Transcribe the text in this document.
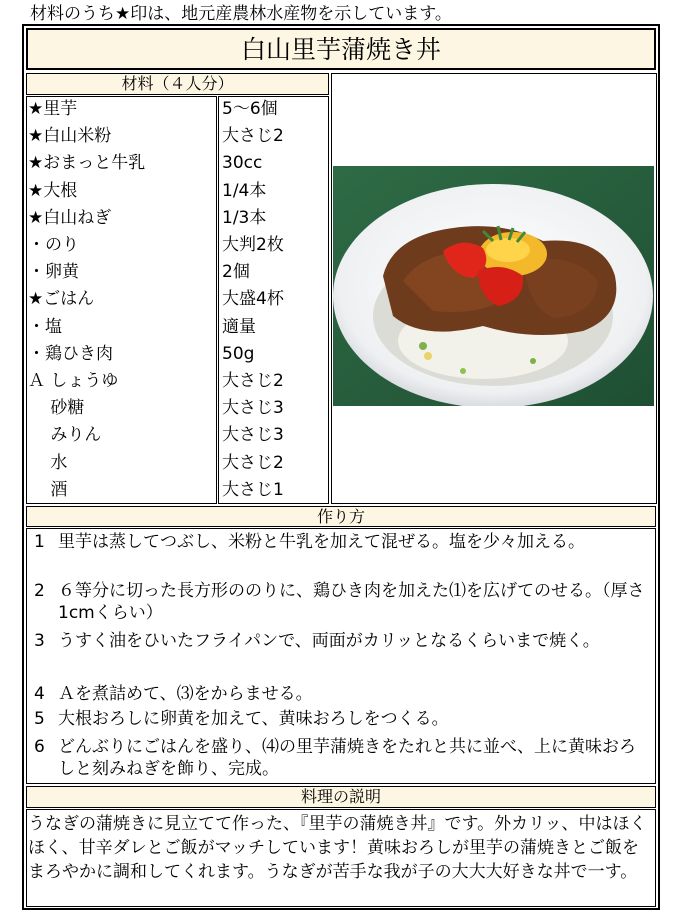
材料のうち★印は、地元産農林水産物を示しています。
白山里芋蒲焼き丼
材料（４人分）
★里芋	5～6個
★白山米粉	大さじ2
★おまっと牛乳	30cc
★大根	1/4本
★白山ねぎ	1/3本
・のり	大判2枚
・卵黄	2個
★ごはん	大盛4杯
・塩	適量
・鶏ひき肉	50g
Ａ しょうゆ	大さじ2
　 砂糖	大さじ3
　 みりん	大さじ3
　 水	大さじ2
　 酒	大さじ1
作り方
1 里芋は蒸してつぶし、米粉と牛乳を加えて混ぜる。塩を少々加える。
2 ６等分に切った長方形ののりに、鶏ひき肉を加えた⑴を広げてのせる。（厚さ1cmくらい）
3 うすく油をひいたフライパンで、両面がカリッとなるくらいまで焼く。
4 Ａを煮詰めて、⑶をからませる。
5 大根おろしに卵黄を加えて、黄味おろしをつくる。
6 どんぶりにごはんを盛り、⑷の里芋蒲焼きをたれと共に並べ、上に黄味おろしと刻みねぎを飾り、完成。
料理の説明
うなぎの蒲焼きに見立てて作った、『里芋の蒲焼き丼』です。外カリッ、中はほくほく、甘辛ダレとご飯がマッチしています！黄味おろしが里芋の蒲焼きとご飯をまろやかに調和してくれます。うなぎが苦手な我が子の大大大好きな丼で一す。
